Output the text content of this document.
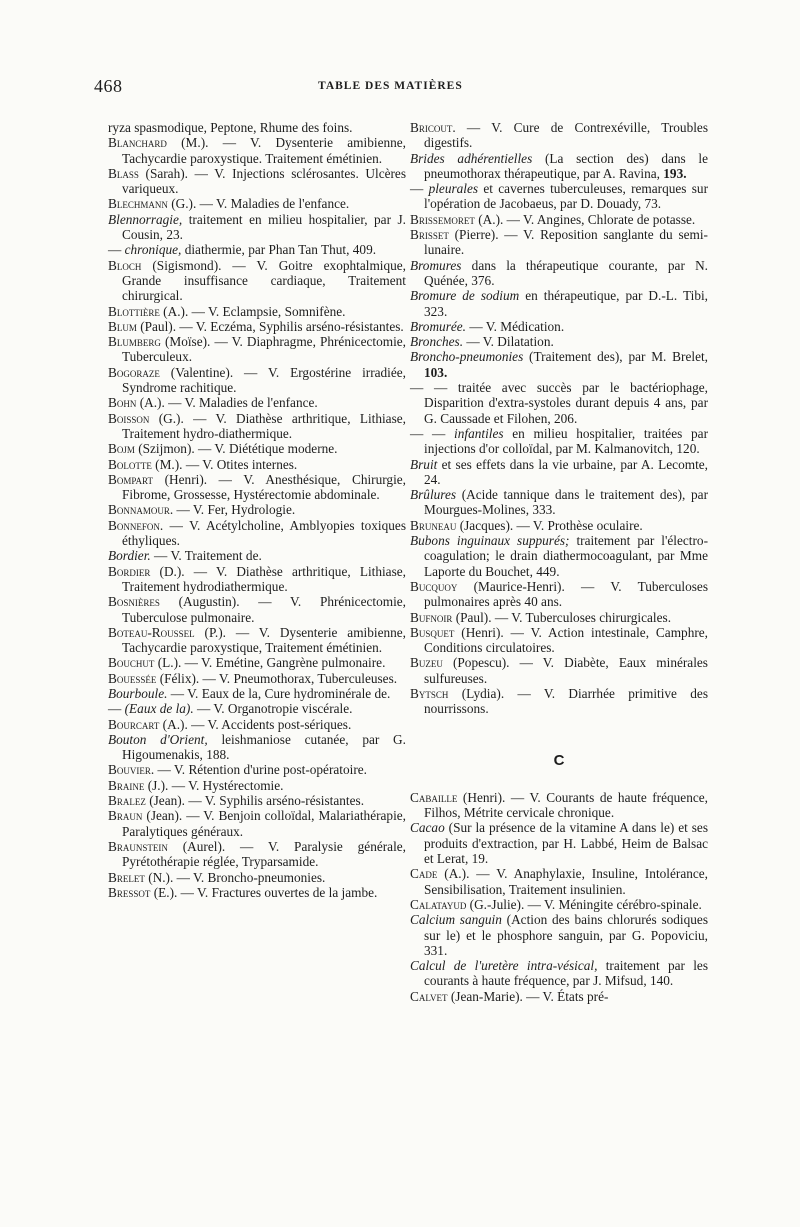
468	TABLE DES MATIÈRES
ryza spasmodique, Peptone, Rhume des foins.
Blanchard (M.). — V. Dysenterie amibienne, Tachycardie paroxystique. Traitement émétinien.
Blass (Sarah). — V. Injections sclérosantes. Ulcères variqueux.
Blechmann (G.). — V. Maladies de l'enfance.
Blennorragie, traitement en milieu hospitalier, par J. Cousin, 23.
— chronique, diathermie, par Phan Tan Thut, 409.
Bloch (Sigismond). — V. Goitre exophtalmique, Grande insuffisance cardiaque, Traitement chirurgical.
Blottière (A.). — V. Eclampsie, Somnifène.
Blum (Paul). — V. Eczéma, Syphilis arséno-résistantes.
Blumberg (Moïse). — V. Diaphragme, Phrénicectomie, Tuberculeux.
Bogoraze (Valentine). — V. Ergostérine irradiée, Syndrome rachitique.
Bohn (A.). — V. Maladies de l'enfance.
Boisson (G.). — V. Diathèse arthritique, Lithiase, Traitement hydro-diathermique.
Bojm (Szijmon). — V. Diététique moderne.
Bolotte (M.). — V. Otites internes.
Bompart (Henri). — V. Anesthésique, Chirurgie, Fibrome, Grossesse, Hystérectomie abdominale.
Bonnamour. — V. Fer, Hydrologie.
Bonnefon. — V. Acétylcholine, Amblyopies toxiques éthyliques.
Bordier. — V. Traitement de.
Bordier (D.). — V. Diathèse arthritique, Lithiase, Traitement hydrodiathermique.
Bosnières (Augustin). — V. Phrénicectomie, Tuberculose pulmonaire.
Boteau-Roussel (P.). — V. Dysenterie amibienne, Tachycardie paroxystique, Traitement émétinien.
Bouchut (L.). — V. Emétine, Gangrène pulmonaire.
Bouessée (Félix). — V. Pneumothorax, Tuberculeuses.
Bourboule. — V. Eaux de la, Cure hydrominérale de.
— (Eaux de la). — V. Organotropie viscérale.
Bourcart (A.). — V. Accidents post-sériques.
Bouton d'Orient, leishmaniose cutanée, par G. Higoumenakis, 188.
Bouvier. — V. Rétention d'urine post-opératoire.
Braine (J.). — V. Hystérectomie.
Bralez (Jean). — V. Syphilis arséno-résistantes.
Braun (Jean). — V. Benjoin colloïdal, Malariathérapie, Paralytiques généraux.
Braunstein (Aurel). — V. Paralysie générale, Pyrétothérapie réglée, Tryparsamide.
Brelet (N.). — V. Broncho-pneumonies.
Bressot (E.). — V. Fractures ouvertes de la jambe.
Bricout. — V. Cure de Contrexéville, Troubles digestifs.
Brides adhérentielles (La section des) dans le pneumothorax thérapeutique, par A. Ravina, 193.
— pleurales et cavernes tuberculeuses, remarques sur l'opération de Jacobaeus, par D. Douady, 73.
Brissemoret (A.). — V. Angines, Chlorate de potasse.
Brisset (Pierre). — V. Reposition sanglante du semi-lunaire.
Bromures dans la thérapeutique courante, par N. Quénée, 376.
Bromure de sodium en thérapeutique, par D.-L. Tibi, 323.
Bromurée. — V. Médication.
Bronches. — V. Dilatation.
Broncho-pneumonies (Traitement des), par M. Brelet, 103.
— — traitée avec succès par le bactériophage, Disparition d'extra-systoles durant depuis 4 ans, par G. Caussade et Filohen, 206.
— — infantiles en milieu hospitalier, traitées par injections d'or colloïdal, par M. Kalmanovitch, 120.
Bruit et ses effets dans la vie urbaine, par A. Lecomte, 24.
Brûlures (Acide tannique dans le traitement des), par Mourgues-Molines, 333.
Bruneau (Jacques). — V. Prothèse oculaire.
Bubons inguinaux suppurés; traitement par l'électro-coagulation; le drain diathermocoagulant, par Mme Laporte du Bouchet, 449.
Bucquoy (Maurice-Henri). — V. Tuberculoses pulmonaires après 40 ans.
Bufnoir (Paul). — V. Tuberculoses chirurgicales.
Busquet (Henri). — V. Action intestinale, Camphre, Conditions circulatoires.
Buzeu (Popescu). — V. Diabète, Eaux minérales sulfureuses.
Bytsch (Lydia). — V. Diarrhée primitive des nourrissons.
C
Cabaille (Henri). — V. Courants de haute fréquence, Filhos, Métrite cervicale chronique.
Cacao (Sur la présence de la vitamine A dans le) et ses produits d'extraction, par H. Labbé, Heim de Balsac et Lerat, 19.
Cade (A.). — V. Anaphylaxie, Insuline, Intolérance, Sensibilisation, Traitement insulinien.
Calatayud (G.-Julie). — V. Méningite cérébro-spinale.
Calcium sanguin (Action des bains chlorurés sodiques sur le) et le phosphore sanguin, par G. Popoviciu, 331.
Calcul de l'uretère intra-vésical, traitement par les courants à haute fréquence, par J. Mifsud, 140.
Calvet (Jean-Marie). — V. États pré-
